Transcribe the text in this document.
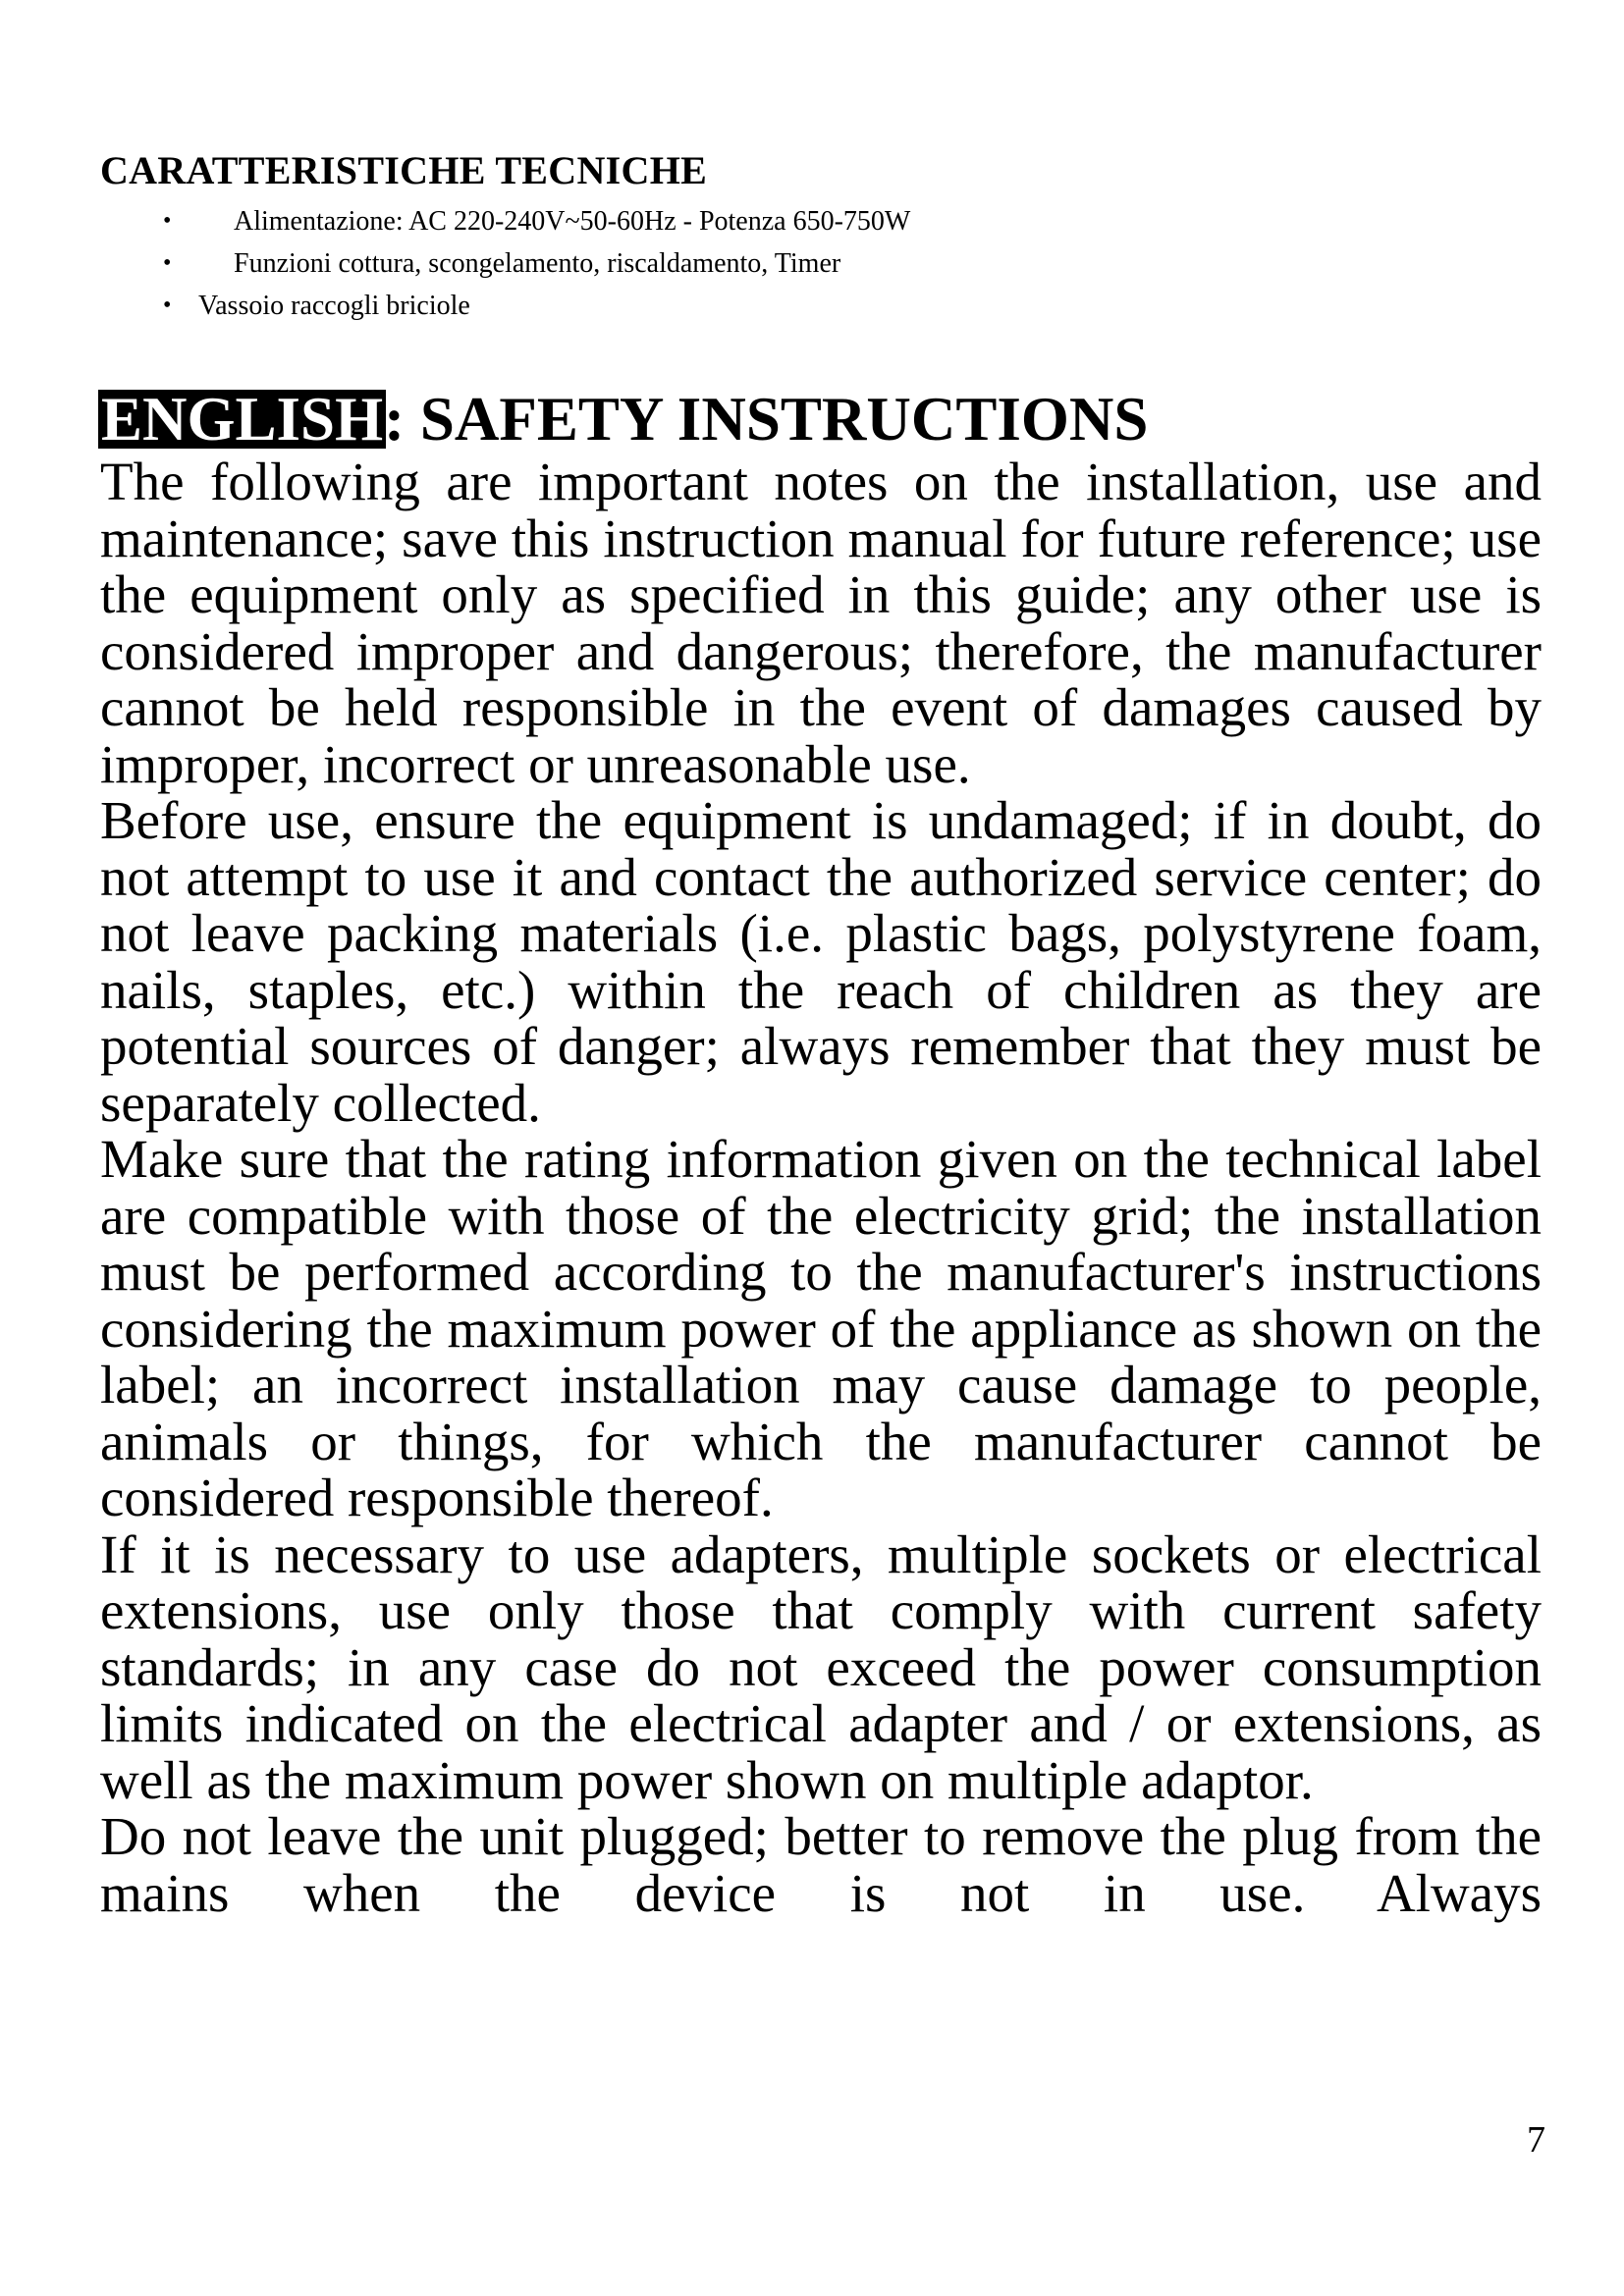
CARATTERISTICHE TECNICHE
• Alimentazione: AC 220-240V~50-60Hz - Potenza 650-750W
• Funzioni cottura, scongelamento, riscaldamento, Timer
• Vassoio raccogli briciole
ENGLISH: SAFETY INSTRUCTIONS

The following are important notes on the installation, use and maintenance; save this instruction manual for future reference; use the equipment only as specified in this guide; any other use is considered improper and dangerous; therefore, the manufacturer cannot be held responsible in the event of damages caused by improper, incorrect or unreasonable use.

Before use, ensure the equipment is undamaged; if in doubt, do not attempt to use it and contact the authorized service center; do not leave packing materials (i.e. plastic bags, polystyrene foam, nails, staples, etc.) within the reach of children as they are potential sources of danger; always remember that they must be separately collected.

Make sure that the rating information given on the technical label are compatible with those of the electricity grid; the installation must be performed according to the manufacturer's instructions considering the maximum power of the appliance as shown on the label; an incorrect installation may cause damage to people, animals or things, for which the manufacturer cannot be considered responsible thereof.

If it is necessary to use adapters, multiple sockets or electrical extensions, use only those that comply with current safety standards; in any case do not exceed the power consumption limits indicated on the electrical adapter and / or extensions, as well as the maximum power shown on multiple adaptor.

Do not leave the unit plugged; better to remove the plug from the mains when the device is not in use. Always

7
